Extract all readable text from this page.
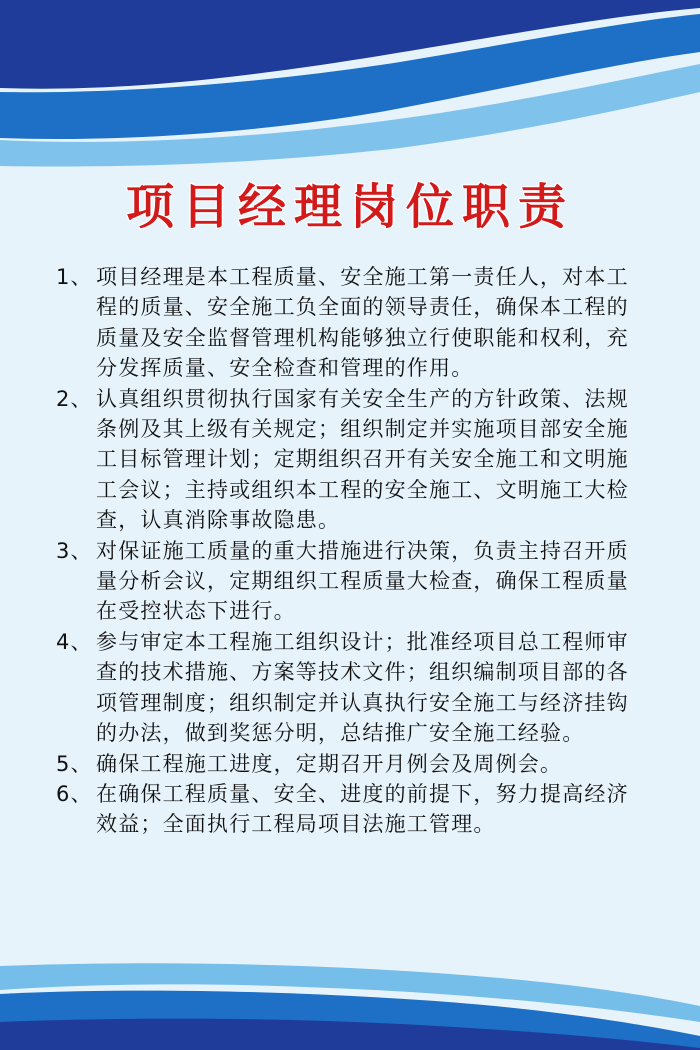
项目经理岗位职责
1、 项目经理是本工程质量、安全施工第一责任人，对本工程的质量、安全施工负全面的领导责任，确保本工程的质量及安全监督管理机构能够独立行使职能和权利，充分发挥质量、安全检查和管理的作用。
2、 认真组织贯彻执行国家有关安全生产的方针政策、法规条例及其上级有关规定；组织制定并实施项目部安全施工目标管理计划；定期组织召开有关安全施工和文明施工会议；主持或组织本工程的安全施工、文明施工大检查，认真消除事故隐患。
3、 对保证施工质量的重大措施进行决策，负责主持召开质量分析会议，定期组织工程质量大检查，确保工程质量在受控状态下进行。
4、 参与审定本工程施工组织设计；批准经项目总工程师审查的技术措施、方案等技术文件；组织编制项目部的各项管理制度；组织制定并认真执行安全施工与经济挂钩的办法，做到奖惩分明，总结推广安全施工经验。
5、 确保工程施工进度，定期召开月例会及周例会。
6、 在确保工程质量、安全、进度的前提下，努力提高经济效益；全面执行工程局项目法施工管理。
